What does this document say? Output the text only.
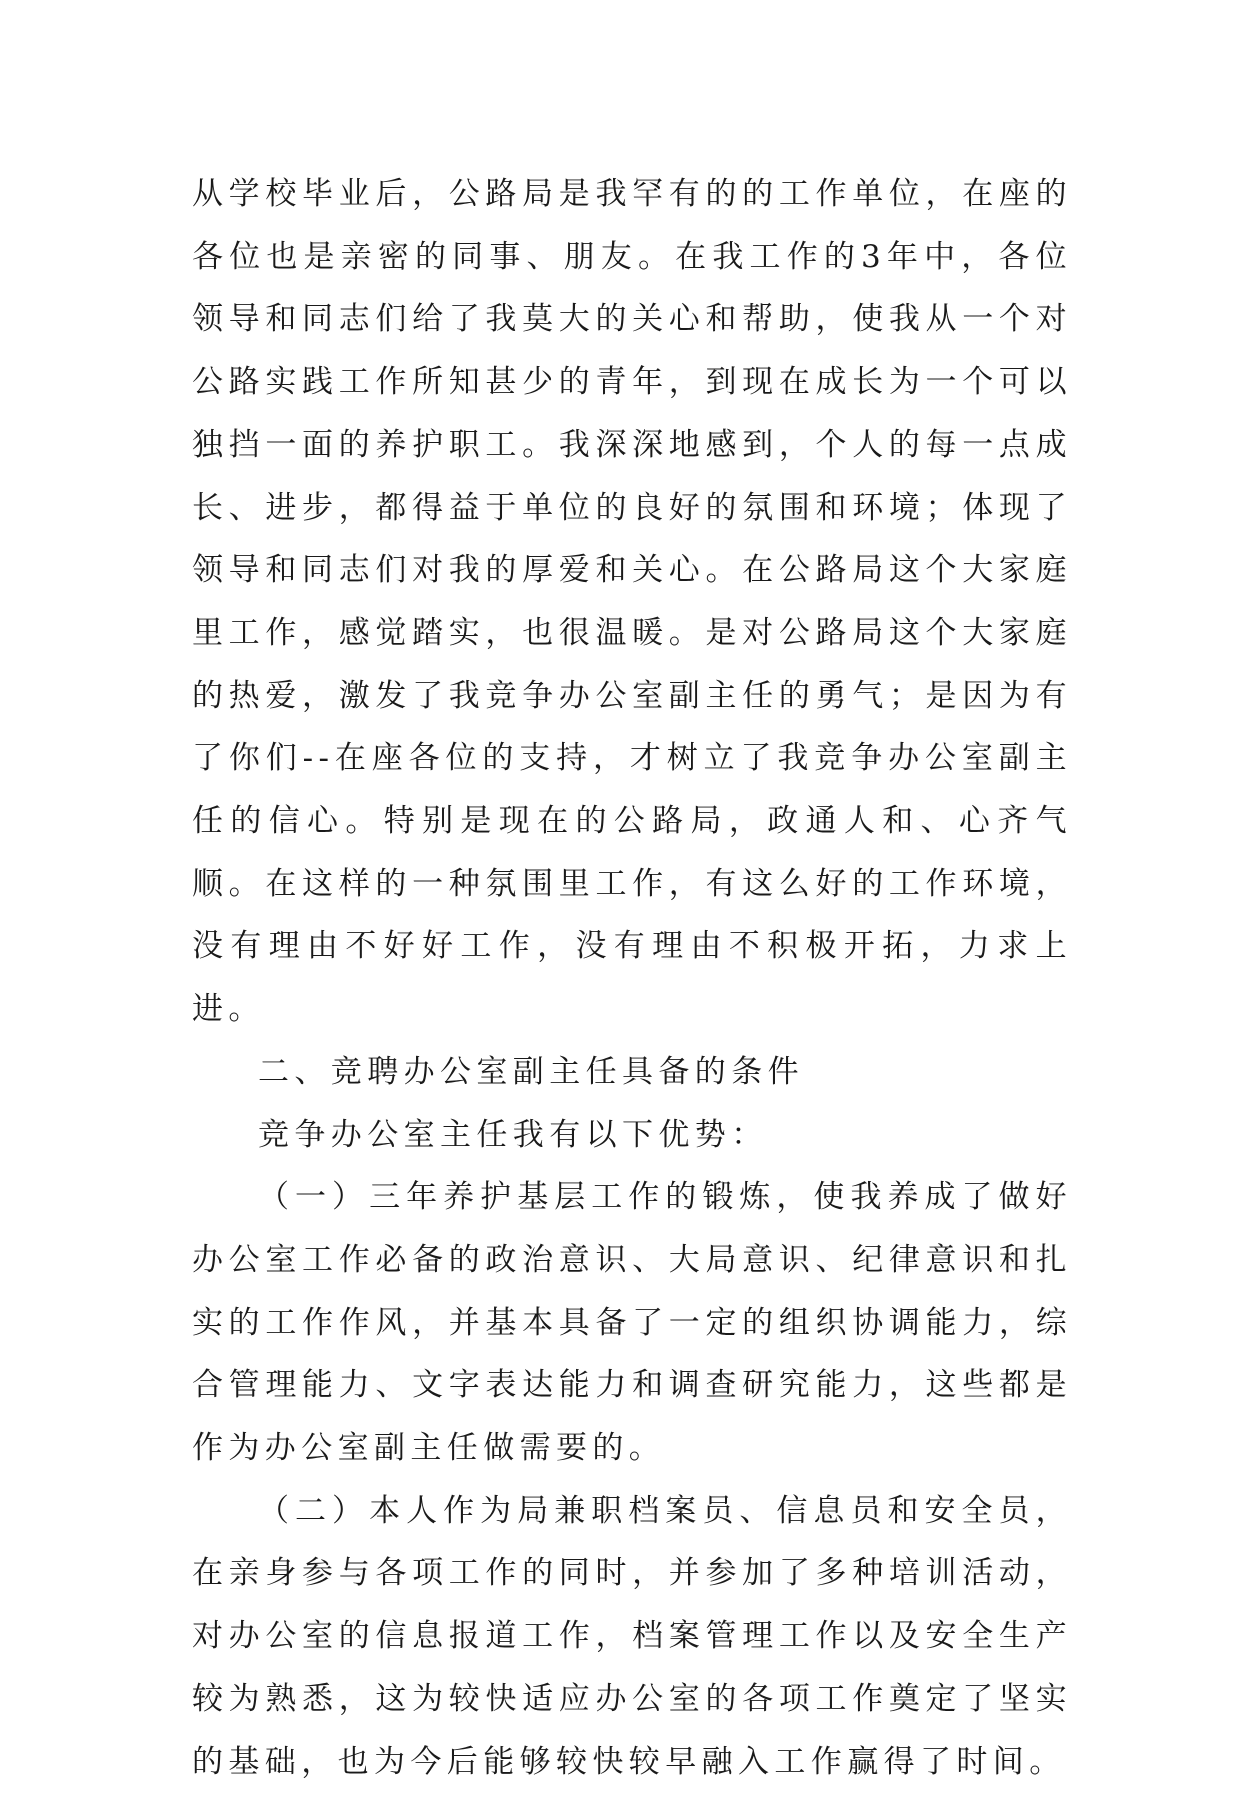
从学校毕业后，公路局是我罕有的的工作单位，在座的各位也是亲密的同事、朋友。在我工作的3年中，各位领导和同志们给了我莫大的关心和帮助，使我从一个对公路实践工作所知甚少的青年，到现在成长为一个可以独挡一面的养护职工。我深深地感到，个人的每一点成长、进步，都得益于单位的良好的氛围和环境；体现了领导和同志们对我的厚爱和关心。在公路局这个大家庭里工作，感觉踏实，也很温暖。是对公路局这个大家庭的热爱，激发了我竞争办公室副主任的勇气；是因为有了你们--在座各位的支持，才树立了我竞争办公室副主任的信心。特别是现在的公路局，政通人和、心齐气顺。在这样的一种氛围里工作，有这么好的工作环境，没有理由不好好工作，没有理由不积极开拓，力求上进。

二、竞聘办公室副主任具备的条件

竞争办公室主任我有以下优势：

（一）三年养护基层工作的锻炼，使我养成了做好办公室工作必备的政治意识、大局意识、纪律意识和扎实的工作作风，并基本具备了一定的组织协调能力，综合管理能力、文字表达能力和调查研究能力，这些都是作为办公室副主任做需要的。

（二）本人作为局兼职档案员、信息员和安全员，在亲身参与各项工作的同时，并参加了多种培训活动，对办公室的信息报道工作，档案管理工作以及安全生产较为熟悉，这为较快适应办公室的各项工作奠定了坚实的基础，也为今后能够较快较早融入工作赢得了时间。
